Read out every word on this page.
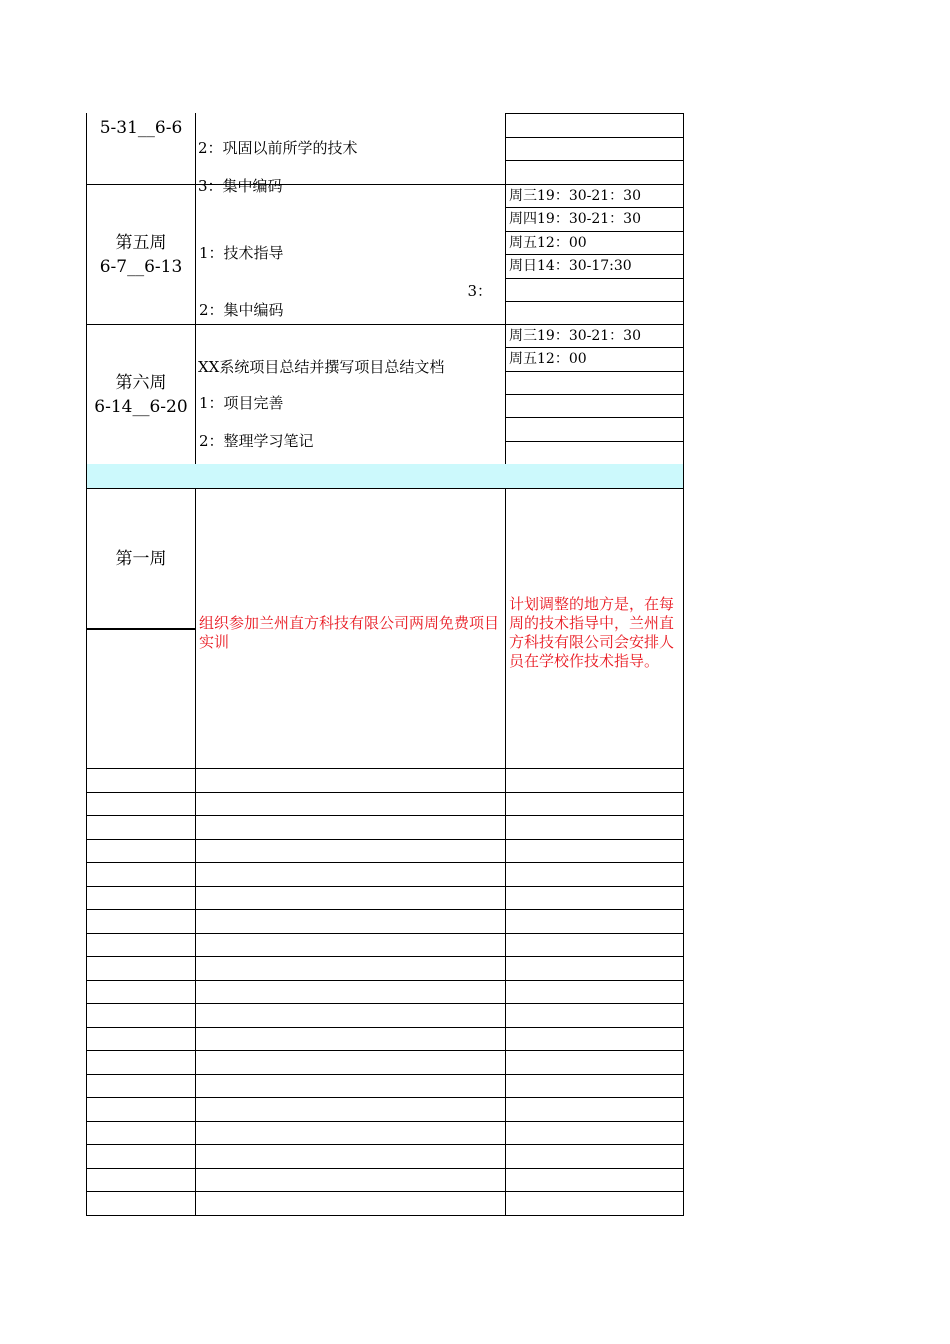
5-31__6-6

2：巩固以前所学的技术

3：集中编码

第五周
6-7__6-13

1：技术指导

2：集中编码

3：

XX系统项目总结并撰写项目总结文档

周三19：30-21：30
周四19：30-21：30
周五12：00
周日14：30-17:30
第六周
6-14__6-20 1：项目完善

2：整理学习笔记

周三19：30-21：30
周五12：00
第一周
组织参加兰州直方科技有限公司两周免费项目实训
计划调整的地方是，在每周的技术指导中，兰州直方科技有限公司会安排人员在学校作技术指导。
